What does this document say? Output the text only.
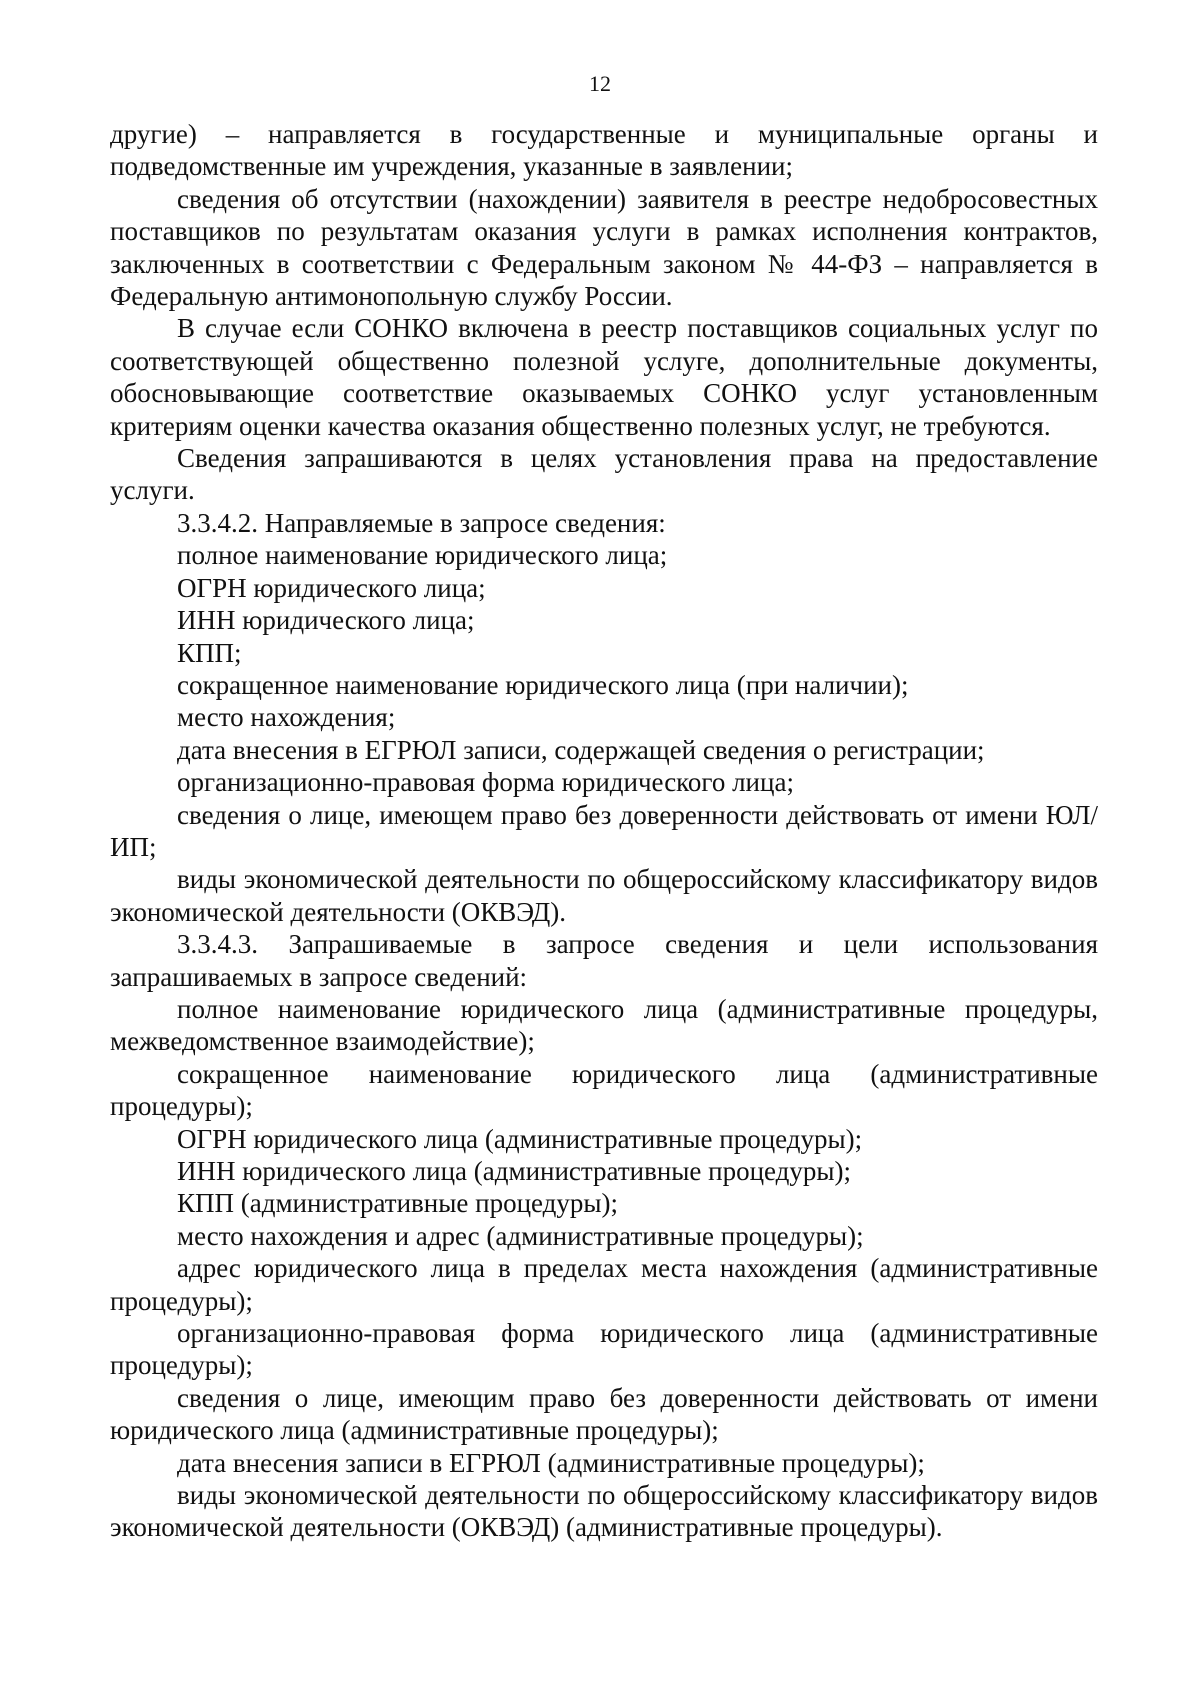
12

другие) – направляется в государственные и муниципальные органы и подведомственные им учреждения, указанные в заявлении;

сведения об отсутствии (нахождении) заявителя в реестре недобросовестных поставщиков по результатам оказания услуги в рамках исполнения контрактов, заключенных в соответствии с Федеральным законом № 44-ФЗ – направляется в Федеральную антимонопольную службу России.

В случае если СОНКО включена в реестр поставщиков социальных услуг по соответствующей общественно полезной услуге, дополнительные документы, обосновывающие соответствие оказываемых СОНКО услуг установленным критериям оценки качества оказания общественно полезных услуг, не требуются.

Сведения запрашиваются в целях установления права на предоставление услуги.

3.3.4.2. Направляемые в запросе сведения:

полное наименование юридического лица;

ОГРН юридического лица;

ИНН юридического лица;

КПП;

сокращенное наименование юридического лица (при наличии);

место нахождения;

дата внесения в ЕГРЮЛ записи, содержащей сведения о регистрации;

организационно-правовая форма юридического лица;

сведения о лице, имеющем право без доверенности действовать от имени ЮЛ/ИП;

виды экономической деятельности по общероссийскому классификатору видов экономической деятельности (ОКВЭД).

3.3.4.3. Запрашиваемые в запросе сведения и цели использования запрашиваемых в запросе сведений:

полное наименование юридического лица (административные процедуры, межведомственное взаимодействие);

сокращенное наименование юридического лица (административные процедуры);

ОГРН юридического лица (административные процедуры);

ИНН юридического лица (административные процедуры);

КПП (административные процедуры);

место нахождения и адрес (административные процедуры);

адрес юридического лица в пределах места нахождения (административные процедуры);

организационно-правовая форма юридического лица (административные процедуры);

сведения о лице, имеющим право без доверенности действовать от имени юридического лица (административные процедуры);

дата внесения записи в ЕГРЮЛ (административные процедуры);

виды экономической деятельности по общероссийскому классификатору видов экономической деятельности (ОКВЭД) (административные процедуры).
